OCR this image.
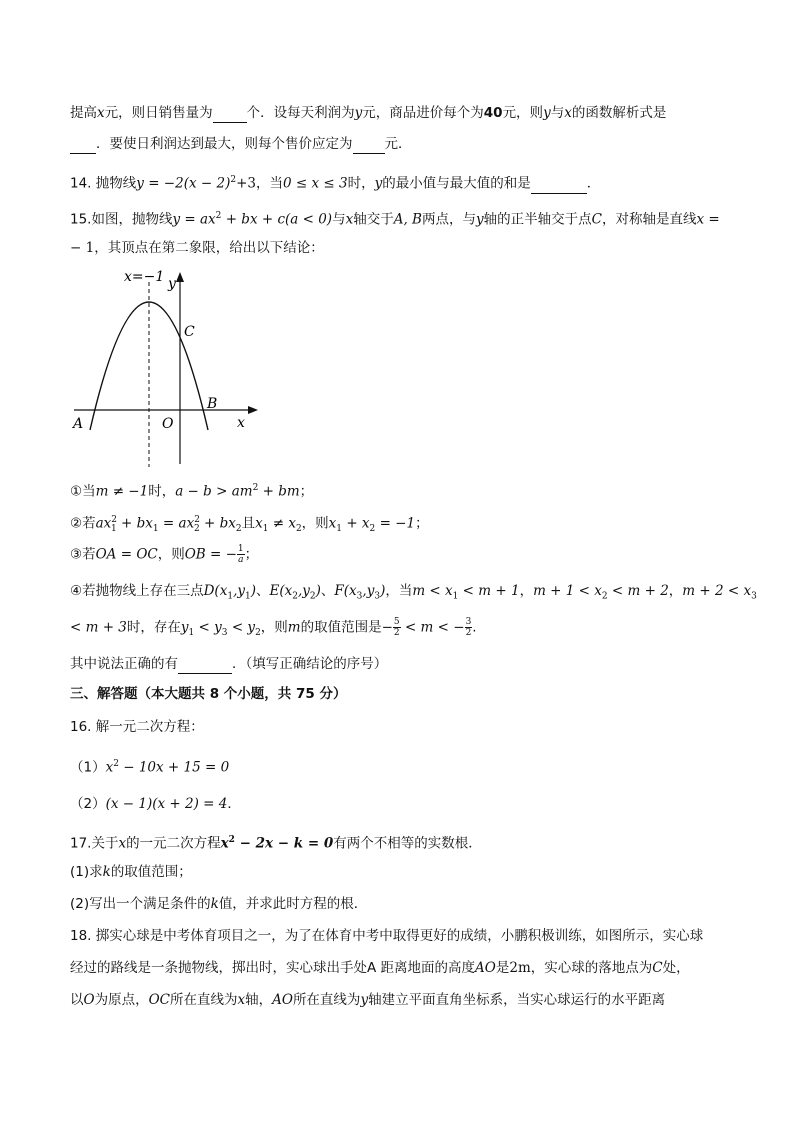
提高x元，则日销售量为	个．设每天利润为y元，商品进价每个为40元，则y与x的函数解析式是
．要使日利润达到最大，则每个售价应定为 元．
14. 抛物线$y = -2(x - 2)^2+3$，当0 ≤ x ≤ 3时，y的最小值与最大值的和是	．
15.如图，抛物线$y = ax^2$ + bx + c(a < 0)与x轴交于A, B两点，与y轴的正半轴交于点C，对称轴是直线x =
− 1，其顶点在第二象限，给出以下结论：
x=−1 y
x
C
B
A	O
①当m ≠ −1时，$a - b > am^2$ + bm；
②若$ax^2_1 + bx_1 = ax^2_2 + bx_2$且$x_1 \ne x_2$，则$x_1 + x_2 = -1$；
③若OA = OC，则OB = − $\frac{1}{a}$ ；
④若抛物线上存在三点$D(x_1,y_1)$、$E(x_2,y_2)$、$F(x_3,y_3)$，当$m < x_1 < m + 1$，$m + 1 < x_2 < m + 2$，$m + 2 < x_3$
< m + 3时，存在$y_1 < y_3 < y_2$，则m的取值范围是− $\frac{5}{2} < m$ < − $\frac{3}{2}$ .
其中说法正确的有	．（填写正确结论的序号）
三、解答题（本大题共 8 个小题，共 75 分）
16. 解一元二次方程：
$(1)x^2 - 10x + 15 = 0$
（2）(x − 1)(x + 2) = 4．
17.关于x的一元二次方程$x^2 - 2x - k = 0$有两个不相等的实数根．
(1)求k的取值范围；
(2)写出一个满足条件的k值，并求此时方程的根．
18. 掷实心球是中考体育项目之一，为了在体育中考中取得更好的成绩，小鹏积极训练，如图所示，实心球
经过的路线是一条抛物线，掷出时，实心球出手处A 距离地面的高度AO是2m，实心球的落地点为C处，
以O为原点，OC所在直线为x轴，AO所在直线为y轴建立平面直角坐标系，当实心球运行的水平距离
